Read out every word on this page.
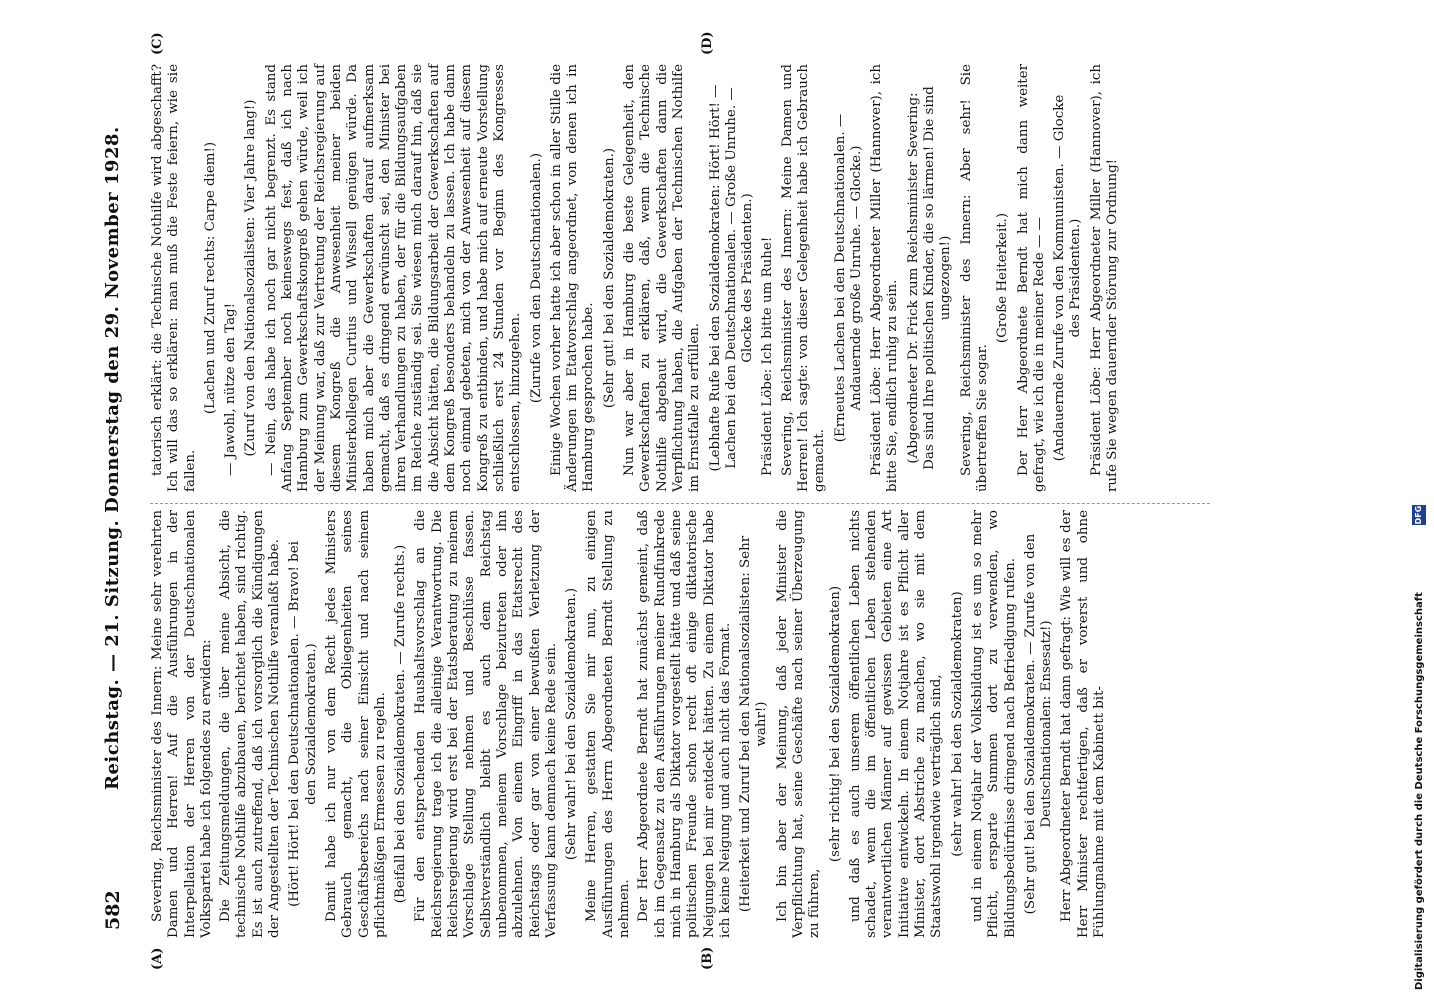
582
Reichstag. — 21. Sitzung. Donnerstag den 29. November 1928.
(A)	(B)
(C)	(D)

Severing, Reichsminister des Innern: Meine sehr verehrten Damen und Herren! Auf die Ausführungen in der Interpellation der Herren von der Deutschnationalen Volkspartei habe ich folgendes zu erwidern: Die Zeitungsmeldungen, die über meine Absicht, die technische Nothilfe abzubauen, berichtet haben, sind richtig. Es ist auch zutreffend, daß ich vorsorglich die Kündigungen der Angestellten der Technischen Nothilfe veranlaßt habe. (Hört! Hört! bei den Deutschnationalen. — Bravo! bei den Sozialdemokraten.) Damit habe ich nur von dem Recht jedes Ministers Gebrauch gemacht, die Obliegenheiten seines Geschäftsbereichs nach seiner Einsicht und nach seinem pflichtmäßigen Ermessen zu regeln. (Beifall bei den Sozialdemokraten. — Zurufe rechts.) Für den entsprechenden Haushaltsvorschlag an die Reichsregierung trage ich die alleinige Verantwortung. Die Reichsregierung wird erst bei der Etatsberatung zu meinem Vorschlage Stellung nehmen und Beschlüsse fassen. Selbstverständlich bleibt es auch dem Reichstag unbenommen, meinem Vorschlage beizutreten oder ihn abzulehnen. Von einem Eingriff in das Etatsrecht des Reichstags oder gar von einer bewußten Verletzung der Verfassung kann demnach keine Rede sein. (Sehr wahr! bei den Sozialdemokraten.) Meine Herren, gestatten Sie mir nun, zu einigen Ausführungen des Herrn Abgeordneten Berndt Stellung zu nehmen. Der Herr Abgeordnete Berndt hat zunächst gemeint, daß ich im Gegensatz zu den Ausführungen meiner Rundfunkrede mich in Hamburg als Diktator vorgestellt hätte und daß seine politischen Freunde schon recht oft einige diktatorische Neigungen bei mir entdeckt hätten. Zu einem Diktator habe ich keine Neigung und auch nicht das Format. (Heiterkeit und Zuruf bei den Nationalsozialisten: Sehr wahr!) Ich bin aber der Meinung, daß jeder Minister die Verpflichtung hat, seine Geschäfte nach seiner Überzeugung zu führen,

(sehr richtig! bei den Sozialdemokraten) und daß es auch unserem öffentlichen Leben nichts schadet, wenn die im öffentlichen Leben stehenden verantwortlichen Männer auf gewissen Gebieten eine Art Initiative entwickeln. In einem Notjahre ist es Pflicht aller Minister, dort Abstriche zu machen, wo sie mit dem Staatswohl irgendwie verträglich sind, (sehr wahr! bei den Sozialdemokraten) und in einem Notjahr der Volksbildung ist es um so mehr Pflicht, ersparte Summen dort zu verwenden, wo Bildungsbedürfnisse dringend nach Befriedigung rufen. (Sehr gut! bei den Sozialdemokraten. — Zurufe von den Deutschnationalen: Ensesatz!) Herr Abgeordneter Berndt hat dann gefragt: Wie will es der Herr Minister rechtfertigen, daß er vorerst und ohne Fühlungnahme mit dem Kabinett bit-

tatorisch erklärt: die Technische Nothilfe wird abgeschafft? Ich will das so erklären: man muß die Feste feiern, wie sie fallen.

(Lachen und Zuruf rechts: Carpe diem!) — Jawohl, nütze den Tag! (Zuruf von den Nationalsozialisten: Vier Jahre lang!) — Nein, das habe ich noch gar nicht begrenzt. Es stand Anfang September noch keineswegs fest, daß ich nach Hamburg zum Gewerkschaftskongreß gehen würde, weil ich der Meinung war, daß zur Vertretung der Reichsregierung auf diesem Kongreß die Anwesenheit meiner beiden Ministerkollegen Curtius und Wissell genügen würde. Da haben mich aber die Gewerkschaften darauf aufmerksam gemacht, daß es dringend erwünscht sei, den Minister bei ihren Verhandlungen zu haben, der für die Bildungsaufgaben im Reiche zuständig sei. Sie wiesen mich darauf hin, daß sie die Absicht hätten, die Bildungsarbeit der Gewerkschaften auf dem Kongreß besonders behandeln zu lassen. Ich habe dann noch einmal gebeten, mich von der Anwesenheit auf diesem Kongreß zu entbinden, und habe mich auf erneute Vorstellung schließlich erst 24 Stunden vor Beginn des Kongresses entschlossen, hinzugehen. (Zurufe von den Deutschnationalen.) Einige Wochen vorher hatte ich aber schon in aller Stille die Änderungen im Etatvorschlag angeordnet, von denen ich in Hamburg gesprochen habe. (Sehr gut! bei den Sozialdemokraten.) Nun war aber in Hamburg die beste Gelegenheit, den Gewerkschaften zu erklären, daß, wenn die Technische Nothilfe abgebaut wird, die Gewerkschaften dann die Verpflichtung haben, die Aufgaben der Technischen Nothilfe im Ernstfalle zu erfüllen. (Lebhafte Rufe bei den Sozialdemokraten: Hört! Hört! — Lachen bei den Deutschnationalen. — Große Unruhe. — Glocke des Präsidenten.) Präsident Löbe: Ich bitte um Ruhe! Severing, Reichsminister des Innern: Meine Damen und Herren! Ich sagte: von dieser Gelegenheit habe ich Gebrauch gemacht.

(Erneutes Lachen bei den Deutschnationalen. — Andauernde große Unruhe. — Glocke.) Präsident Löbe: Herr Abgeordneter Miller (Hannover), ich bitte Sie, endlich ruhig zu sein. (Abgeordneter Dr. Frick zum Reichsminister Severing: Das sind Ihre politischen Kinder, die so lärmen! Die sind ungezogen!) Severing, Reichsminister des Innern: Aber sehr! Sie übertreffen Sie sogar.

(Große Heiterkeit.) Der Herr Abgeordnete Berndt hat mich dann weiter gefragt, wie ich die in meiner Rede — — (Andauernde Zurufe von den Kommunisten. — Glocke des Präsidenten.) Präsident Löbe: Herr Abgeordneter Miller (Hannover), ich rufe Sie wegen dauernder Störung zur Ordnung!

Digitalisierung gefördert durch die Deutsche Forschungsgemeinschaft
DFG
